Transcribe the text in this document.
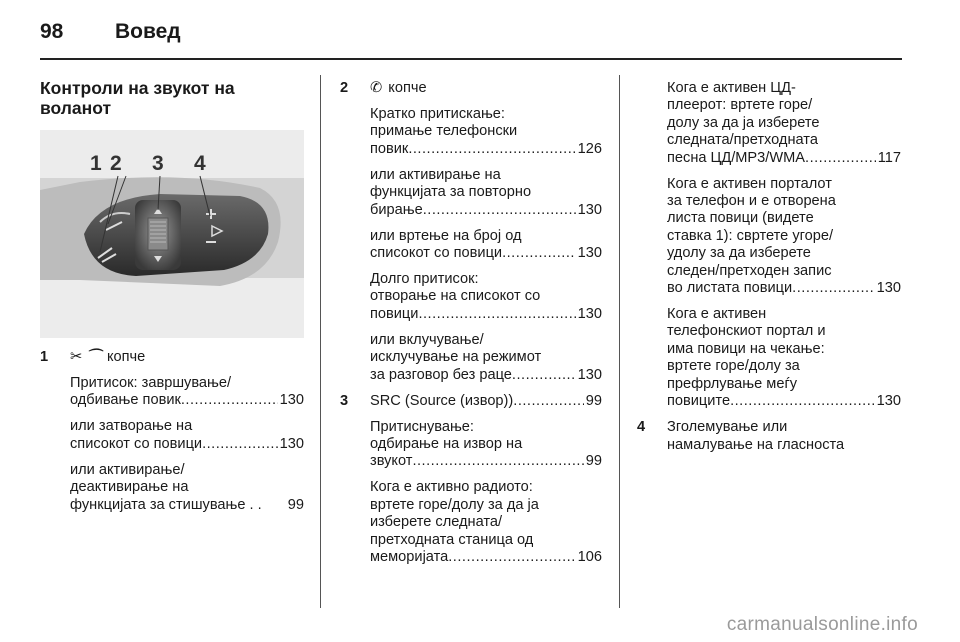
98 Вовед
Контроли на звукот на воланот
1 2 3 4
1 ✂ ⌒ копче

Притисок: завршување/
одбивање повик .....	130

или затворање на
списокот со повици .....	130

или активирање/
деактивирање на
функцијата за стишување . . 99

2 ✆ копче

Кратко притискање:
примање телефонски
повик .....	126

или активирање на
функцијата за повторно
бирање .....	130

или вртење на број од
списокот со повици .....	130

Долго притисок:
отворање на списокот со
повици .....	130

или вклучување/
исклучување на режимот
за разговор без раце .....	130

3 SRC (Source (извор)) .....	99

Притиснување:
одбирање на извор на
звукот .....	99

Кога е активно радиото:
вртете горе/долу за да ја
изберете следната/
претходната станица од
меморијата .....	106

Кога е активен ЦД-
плеерот: вртете горе/
долу за да ја изберете
следната/претходната
песна ЦД/MP3/WMA .....	117

Кога е активен порталот
за телефон и е отворена
листа повици (видете
ставка 1): свртете угоре/
удолу за да изберете
следен/претходен запис
во листата повици .....	130

Кога е активен
телефонскиот портал и
има повици на чекање:
вртете горе/долу за
префрлување меѓу
повиците .....	130

4 Зголемување или
намалување на гласноста

carmanualsonline.info
